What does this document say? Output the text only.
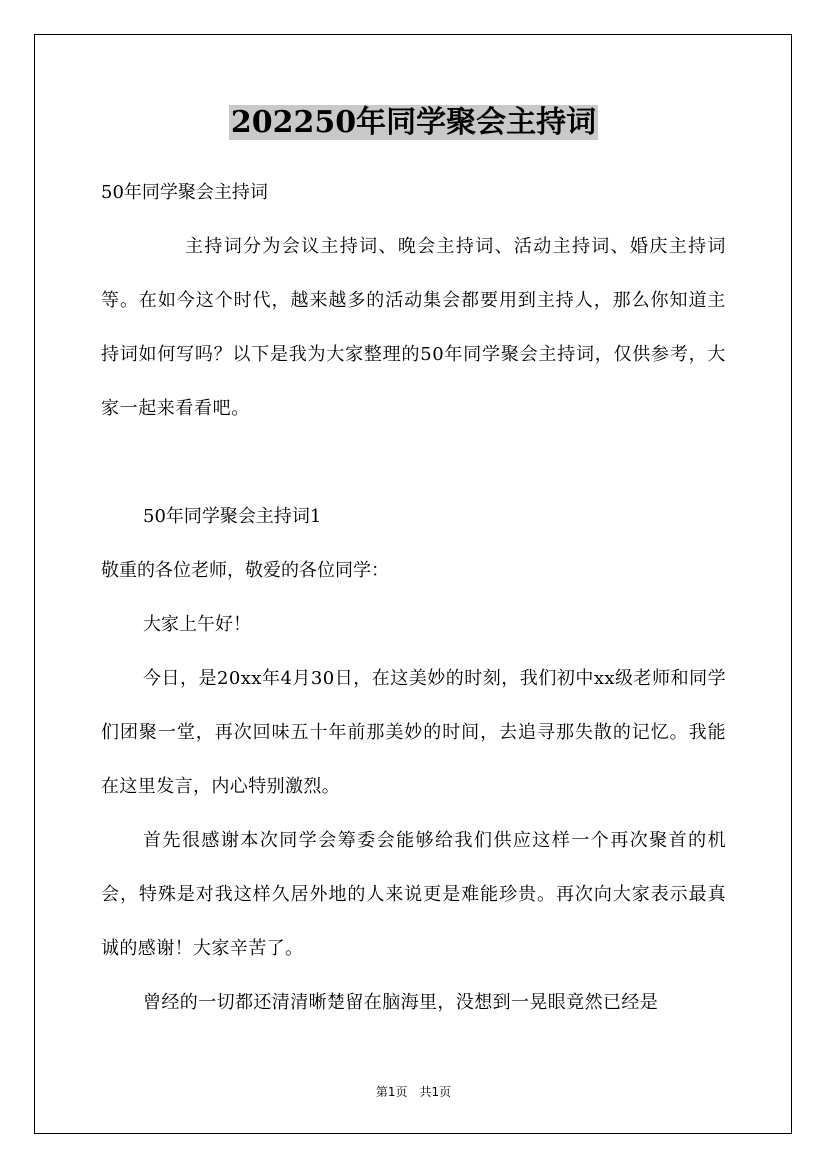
202250年同学聚会主持词

50年同学聚会主持词

主持词分为会议主持词、晚会主持词、活动主持词、婚庆主持词等。在如今这个时代，越来越多的活动集会都要用到主持人，那么你知道主持词如何写吗？以下是我为大家整理的50年同学聚会主持词，仅供参考，大家一起来看看吧。

50年同学聚会主持词1

敬重的各位老师，敬爱的各位同学：

大家上午好！

今日，是20xx年4月30日，在这美妙的时刻，我们初中xx级老师和同学们团聚一堂，再次回味五十年前那美妙的时间，去追寻那失散的记忆。我能在这里发言，内心特别激烈。

首先很感谢本次同学会筹委会能够给我们供应这样一个再次聚首的机会，特殊是对我这样久居外地的人来说更是难能珍贵。再次向大家表示最真诚的感谢！大家辛苦了。

曾经的一切都还清清晰楚留在脑海里，没想到一晃眼竟然已经是

第1页　共1页
